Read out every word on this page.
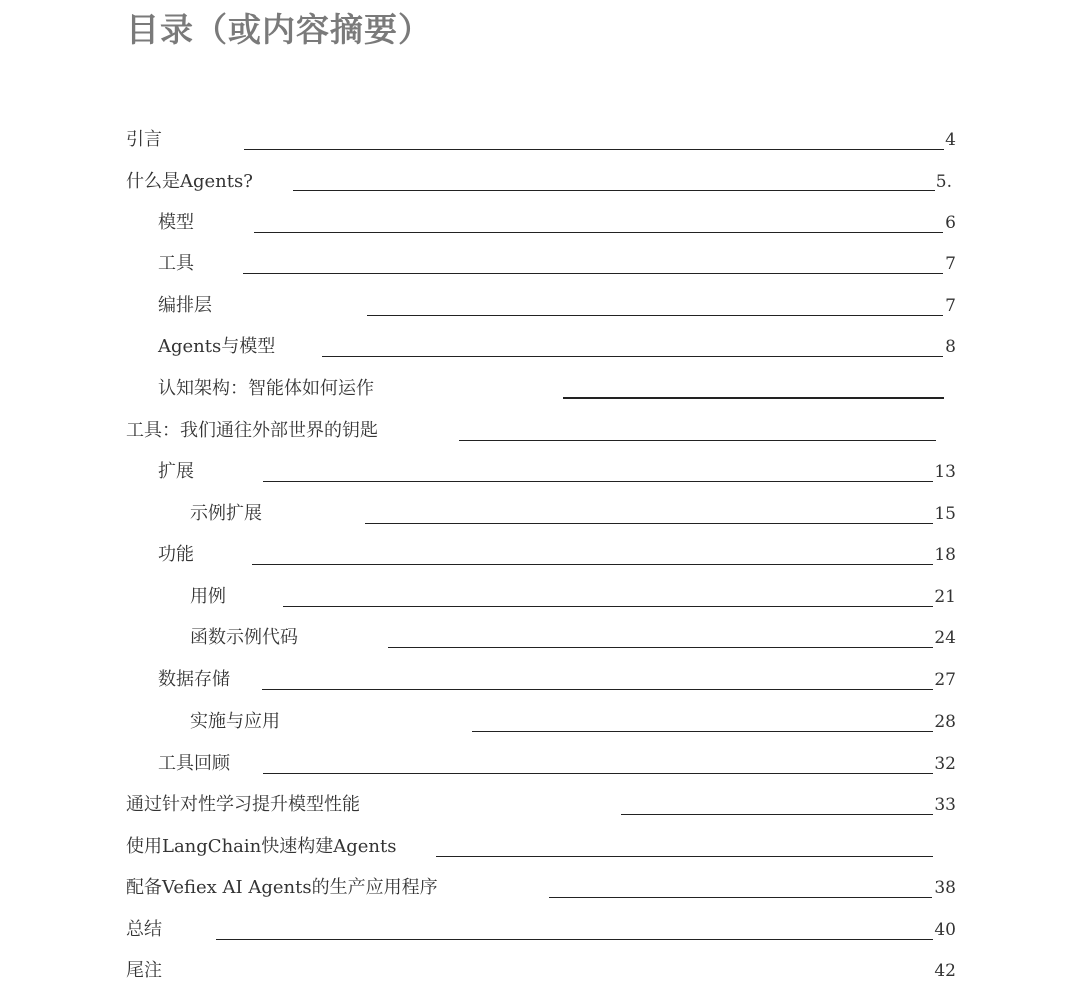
目录（或内容摘要）
引言	4
什么是Agents?	5.
模型	6
工具	7
编排层	7
Agents与模型	8
认知架构：智能体如何运作
工具：我们通往外部世界的钥匙
扩展	13
示例扩展	15
功能	18
用例	21
函数示例代码	24
数据存储	27
实施与应用	28
工具回顾	32
通过针对性学习提升模型性能	33
使用LangChain快速构建Agents
配备Vefiex AI Agents的生产应用程序	38
总结	40
尾注	42
